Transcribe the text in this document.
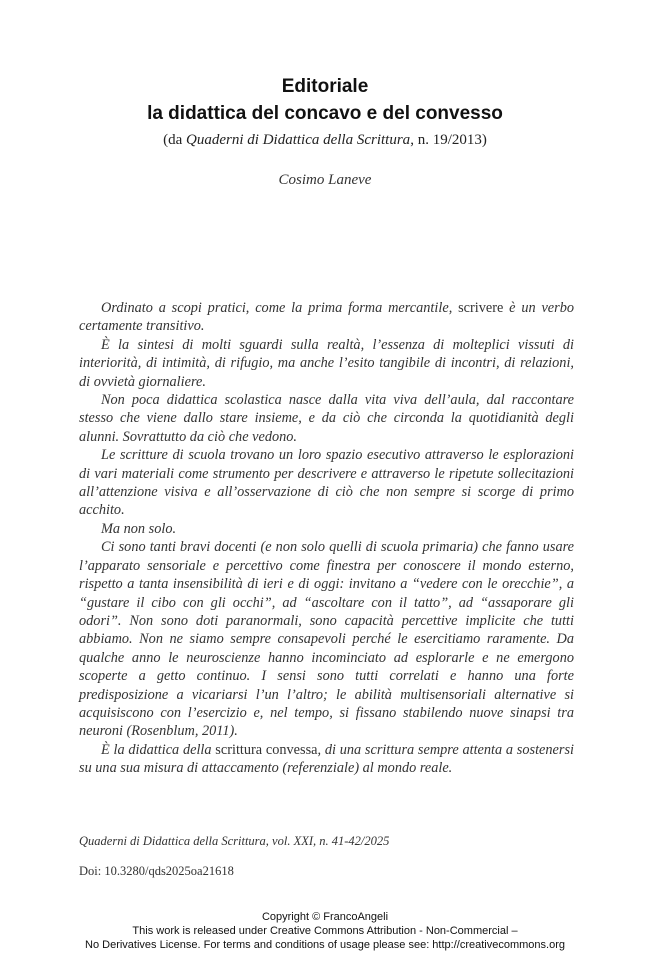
Editoriale
la didattica del concavo e del convesso
(da Quaderni di Didattica della Scrittura, n. 19/2013)
Cosimo Laneve

Ordinato a scopi pratici, come la prima forma mercantile, scrivere è un verbo certamente transitivo.

È la sintesi di molti sguardi sulla realtà, l’essenza di molteplici vissuti di interiorità, di intimità, di rifugio, ma anche l’esito tangibile di incontri, di relazioni, di ovvietà giornaliere.

Non poca didattica scolastica nasce dalla vita viva dell’aula, dal raccontare stesso che viene dallo stare insieme, e da ciò che circonda la quotidianità degli alunni. Sovrattutto da ciò che vedono.

Le scritture di scuola trovano un loro spazio esecutivo attraverso le esplorazioni di vari materiali come strumento per descrivere e attraverso le ripetute sollecitazioni all’attenzione visiva e all’osservazione di ciò che non sempre si scorge di primo acchito.

Ma non solo.

Ci sono tanti bravi docenti (e non solo quelli di scuola primaria) che fanno usare l’apparato sensoriale e percettivo come finestra per conoscere il mondo esterno, rispetto a tanta insensibilità di ieri e di oggi: invitano a “vedere con le orecchie”, a “gustare il cibo con gli occhi”, ad “ascoltare con il tatto”, ad “assaporare gli odori”. Non sono doti paranormali, sono capacità percettive implicite che tutti abbiamo. Non ne siamo sempre consapevoli perché le esercitiamo raramente. Da qualche anno le neuroscienze hanno incominciato ad esplorarle e ne emergono scoperte a getto continuo. I sensi sono tutti correlati e hanno una forte predisposizione a vicariarsi l’un l’altro; le abilità multisensoriali alternative si acquisiscono con l’esercizio e, nel tempo, si fissano stabilendo nuove sinapsi tra neuroni (Rosenblum, 2011).

È la didattica della scrittura convessa, di una scrittura sempre attenta a sostenersi su una sua misura di attaccamento (referenziale) al mondo reale.

Quaderni di Didattica della Scrittura, vol. XXI, n. 41-42/2025
Doi: 10.3280/qds2025oa21618
Copyright © FrancoAngeli
This work is released under Creative Commons Attribution - Non-Commercial –
No Derivatives License. For terms and conditions of usage please see: http://creativecommons.org
